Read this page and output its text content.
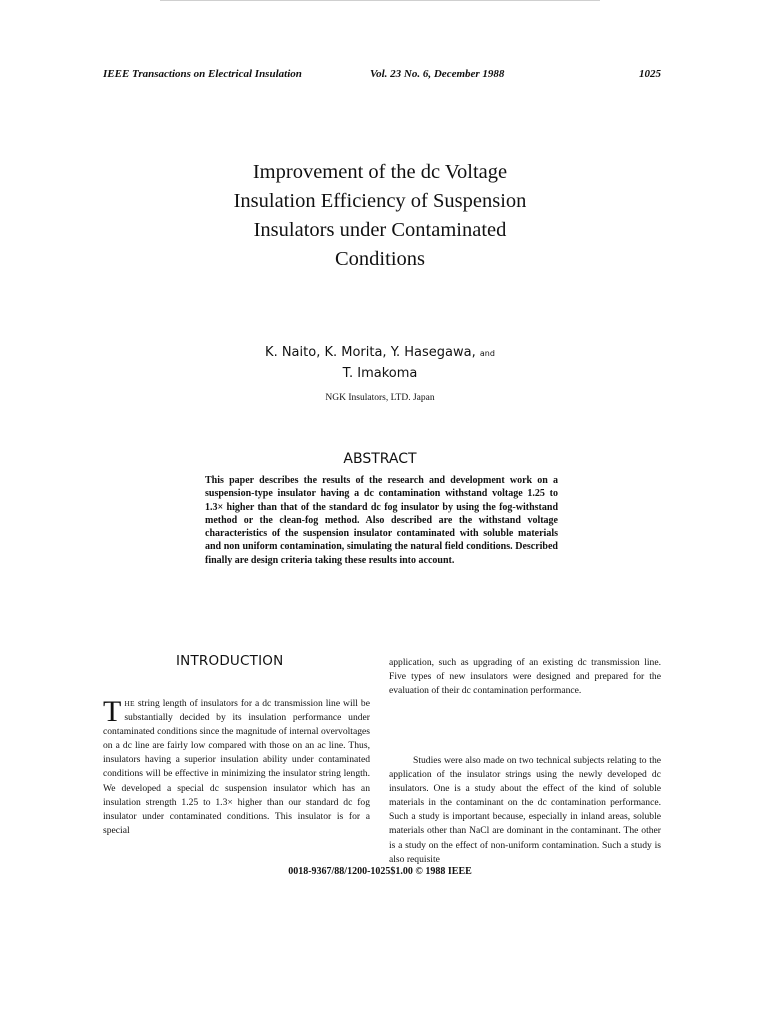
IEEE Transactions on Electrical Insulation	Vol. 23 No. 6, December 1988	1025
Improvement of the dc Voltage
Insulation Efficiency of Suspension
Insulators under Contaminated
Conditions
K. Naito, K. Morita, Y. Hasegawa, and
T. Imakoma
NGK Insulators, LTD. Japan
ABSTRACT

This paper describes the results of the research and development work on a suspension-type insulator having a dc contamination withstand voltage 1.25 to 1.3× higher than that of the standard dc fog insulator by using the fog-withstand method or the clean-fog method. Also described are the withstand voltage characteristics of the suspension insulator contaminated with soluble materials and non uniform contamination, simulating the natural field conditions. Described finally are design criteria taking these results into account.

INTRODUCTION

THE string length of insulators for a dc transmission line will be substantially decided by its insulation performance under contaminated conditions since the magnitude of internal overvoltages on a dc line are fairly low compared with those on an ac line. Thus, insulators having a superior insulation ability under contaminated conditions will be effective in minimizing the insulator string length. We developed a special dc suspension insulator which has an insulation strength 1.25 to 1.3× higher than our standard dc fog insulator under contaminated conditions. This insulator is for a special

application, such as upgrading of an existing dc transmission line. Five types of new insulators were designed and prepared for the evaluation of their dc contamination performance.

Studies were also made on two technical subjects relating to the application of the insulator strings using the newly developed dc insulators. One is a study about the effect of the kind of soluble materials in the contaminant on the dc contamination performance. Such a study is important because, especially in inland areas, soluble materials other than NaCl are dominant in the contaminant. The other is a study on the effect of non-uniform contamination. Such a study is also requisite

0018-9367/88/1200-1025$1.00 © 1988 IEEE
